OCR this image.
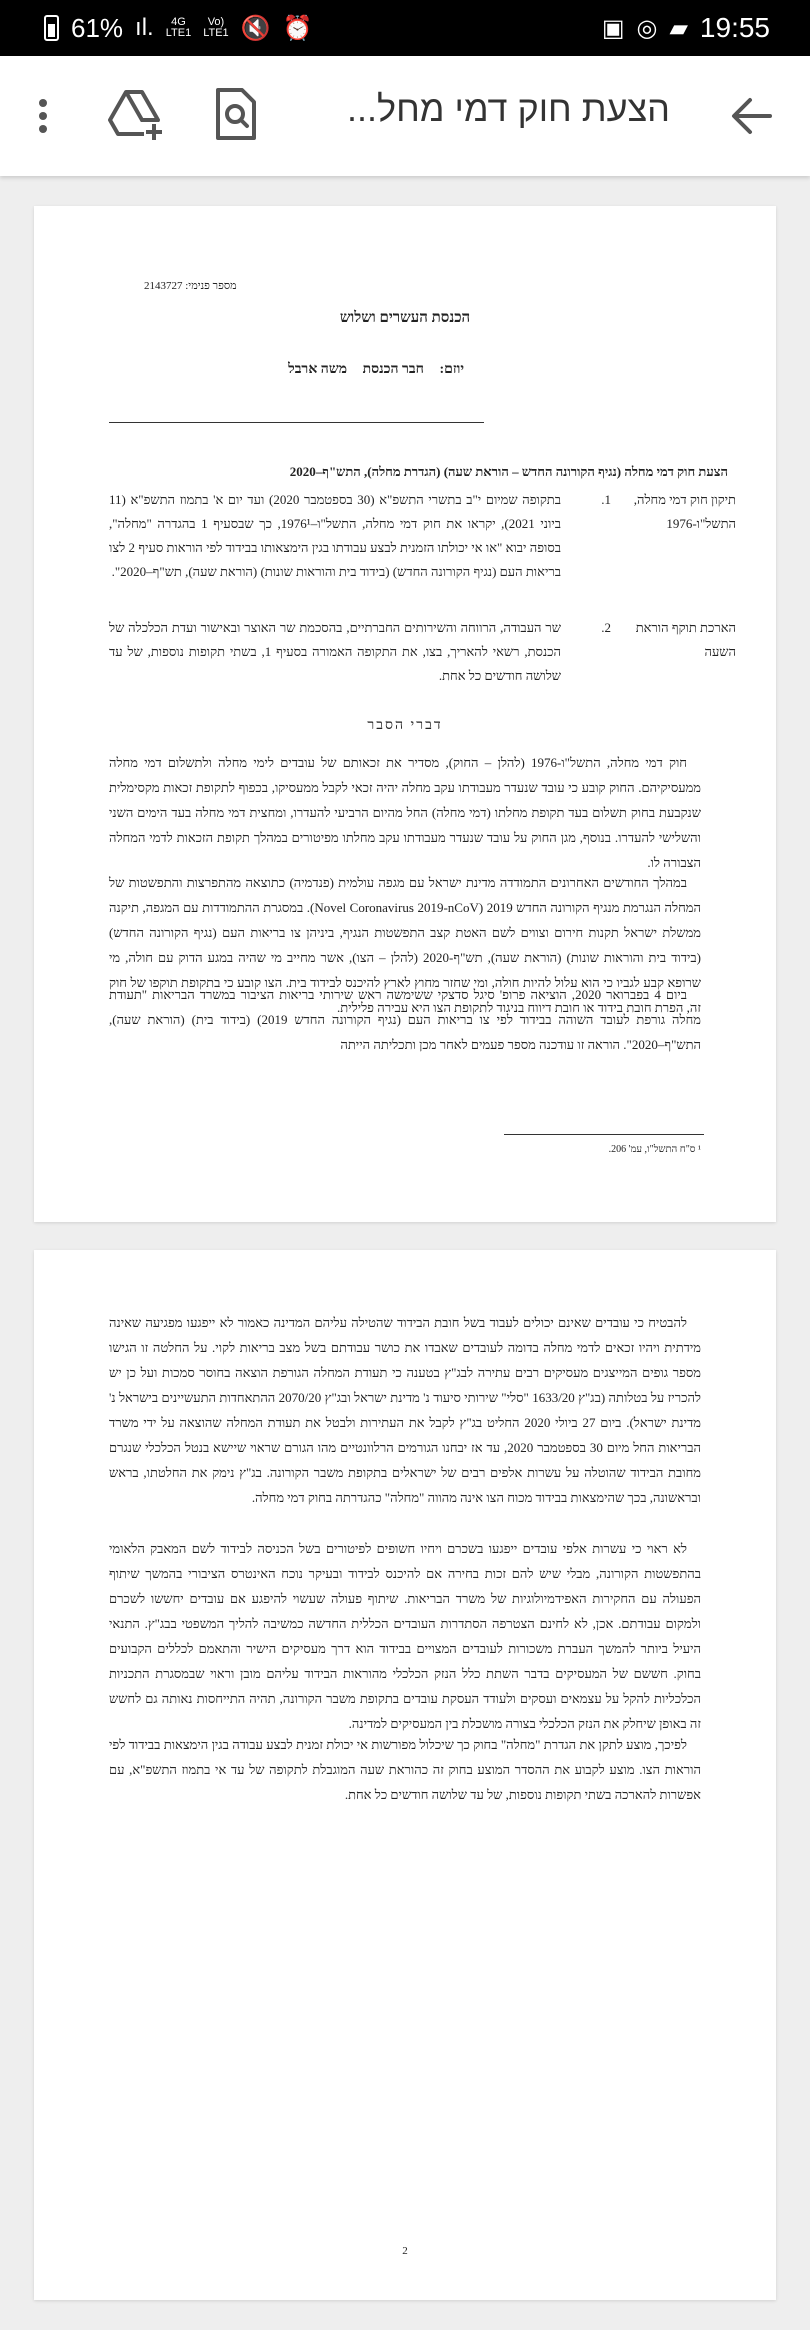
61% ıl.	4G
LTE1
Vo)
LTE1 🔇 ⏰	▣ ◎ ▰ 19:55
הצעת חוק דמי מחל...
מספר פנימי: 2143727
הכנסת העשרים ושלוש
יוזם: חבר הכנסת משה ארבל
הצעת חוק דמי מחלה (נגיף הקורונה החדש – הוראת שעה) (הגדרת מחלה), התש"ף–2020
תיקון חוק דמי מחלה, התשל"ו-1976
1.
בתקופה שמיום י"ב בתשרי התשפ"א (30 בספטמבר 2020) ועד יום א' בתמוז התשפ"א (11 ביוני 2021), יקראו את חוק דמי מחלה, התשל"ו–1976¹, כך שבסעיף 1 בהגדרה "מחלה", בסופה יבוא "או אי יכולתו הזמנית לבצע עבודתו בגין הימצאותו בבידוד לפי הוראות סעיף 2 לצו בריאות העם (נגיף הקורונה החדש) (בידוד בית והוראות שונות) (הוראת שעה), תש"ף–2020".
הארכת תוקף הוראת השעה
2.
שר העבודה, הרווחה והשירותים החברתיים, בהסכמת שר האוצר ובאישור ועדת הכלכלה של הכנסת, רשאי להאריך, בצו, את התקופה האמורה בסעיף 1, בשתי תקופות נוספות, של עד שלושה חודשים כל אחת.
דברי הסבר
חוק דמי מחלה, התשל"ו-1976 (להלן – החוק), מסדיר את זכאותם של עובדים לימי מחלה ולתשלום דמי מחלה ממעסיקיהם. החוק קובע כי עובד שנעדר מעבודתו עקב מחלה יהיה זכאי לקבל ממעסיקו, בכפוף לתקופת זכאות מקסימלית שנקבעת בחוק תשלום בעד תקופת מחלתו (דמי מחלה) החל מהיום הרביעי להעדרו, ומחצית דמי מחלה בעד הימים השני והשלישי להעדרו. בנוסף, מגן החוק על עובד שנעדר מעבודתו עקב מחלתו מפיטורים במהלך תקופת הזכאות לדמי המחלה הצבורה לו.
במהלך החודשים האחרונים התמודדה מדינת ישראל עם מגפה עולמית (פנדמיה) כתוצאה מהתפרצות והתפשטות של המחלה הנגרמת מנגיף הקורונה החדש 2019 (Novel Coronavirus 2019-nCoV). במסגרת ההתמודדות עם המגפה, תיקנה ממשלת ישראל תקנות חירום וצווים לשם האטת קצב התפשטות הנגיף, ביניהן צו בריאות העם (נגיף הקורונה החדש) (בידוד בית והוראות שונות) (הוראת שעה), תש"ף-2020 (להלן – הצו), אשר מחייב מי שהיה במגע הדוק עם חולה, מי שרופא קבע לגביו כי הוא עלול להיות חולה, ומי שחזר מחוץ לארץ להיכנס לבידוד בית. הצו קובע כי בתקופת תוקפו של חוק זה, הפרת חובת בידוד או חובת דיווח בניגוד לתקופת הצו היא עבירה פלילית.
ביום 4 בפברואר 2020, הוציאה פרופ' סיגל סדצקי ששימשה ראש שירותי בריאות הציבור במשרד הבריאות "תעודת מחלה גורפת לעובד השוהה בבידוד לפי צו בריאות העם (נגיף הקורונה החדש 2019) (בידוד בית) (הוראת שעה), התש"ף–2020". הוראה זו עודכנה מספר פעמים לאחר מכן ותכליתה הייתה
¹ ס"ח התשל"ו, עמ' 206.
להבטיח כי עובדים שאינם יכולים לעבוד בשל חובת הבידוד שהטילה עליהם המדינה כאמור לא ייפגעו מפגיעה שאינה מידתית ויהיו זכאים לדמי מחלה בדומה לעובדים שאבדו את כושר עבודתם בשל מצב בריאות לקוי. על החלטה זו הגישו מספר גופים המייצגים מעסיקים רבים עתירה לבג"ץ בטענה כי תעודת המחלה הגורפת הוצאה בחוסר סמכות ועל כן יש להכריז על בטלותה (בג"ץ 1633/20 "סלי" שירותי סיעוד נ' מדינת ישראל ובג"ץ 2070/20 ההתאחדות התעשיינים בישראל נ' מדינת ישראל). ביום 27 ביולי 2020 החליט בג"ץ לקבל את העתירות ולבטל את תעודת המחלה שהוצאה על ידי משרד הבריאות החל מיום 30 בספטמבר 2020, עד אז יבחנו הגורמים הרלוונטיים מהו הגורם שראוי שיישא בנטל הכלכלי שנגרם מחובת הבידוד שהוטלה על עשרות אלפים רבים של ישראלים בתקופת משבר הקורונה. בג"ץ נימק את החלטתו, בראש ובראשונה, בכך שהימצאות בבידוד מכוח הצו אינה מהווה "מחלה" כהגדרתה בחוק דמי מחלה.
לא ראוי כי עשרות אלפי עובדים ייפגעו בשכרם ויחיו חשופים לפיטורים בשל הכניסה לבידוד לשם המאבק הלאומי בהתפשטות הקורונה, מבלי שיש להם זכות בחירה אם להיכנס לבידוד ובעיקר נוכח האינטרס הציבורי בהמשך שיתוף הפעולה עם החקירות האפידמיולוגיות של משרד הבריאות. שיתוף פעולה שעשוי להיפגע אם עובדים יחששו לשכרם ולמקום עבודתם. אכן, לא לחינם הצטרפה הסתדרות העובדים הכללית החדשה כמשיבה להליך המשפטי בבג"ץ. התנאי היעיל ביותר להמשך העברת משכורות לעובדים המצויים בבידוד הוא דרך מעסיקים הישיר והתאמם לכללים הקבועים בחוק. חששם של המעסיקים בדבר השתת כלל הנזק הכלכלי מהוראות הבידוד עליהם מובן וראוי שבמסגרת התכניות הכלכליות להקל על עצמאים ועסקים ולעודד העסקת עובדים בתקופת משבר הקורונה, תהיה התייחסות נאותה גם לחשש זה באופן שיחלק את הנזק הכלכלי בצורה מושכלת בין המעסיקים למדינה.
לפיכך, מוצע לתקן את הגדרת "מחלה" בחוק כך שיכלול מפורשות אי יכולת זמנית לבצע עבודה בגין הימצאות בבידוד לפי הוראות הצו. מוצע לקבוע את ההסדר המוצע בחוק זה כהוראת שעה המוגבלת לתקופה של עד אי בתמוז התשפ"א, עם אפשרות להארכה בשתי תקופות נוספות, של עד שלושה חודשים כל אחת.
2
